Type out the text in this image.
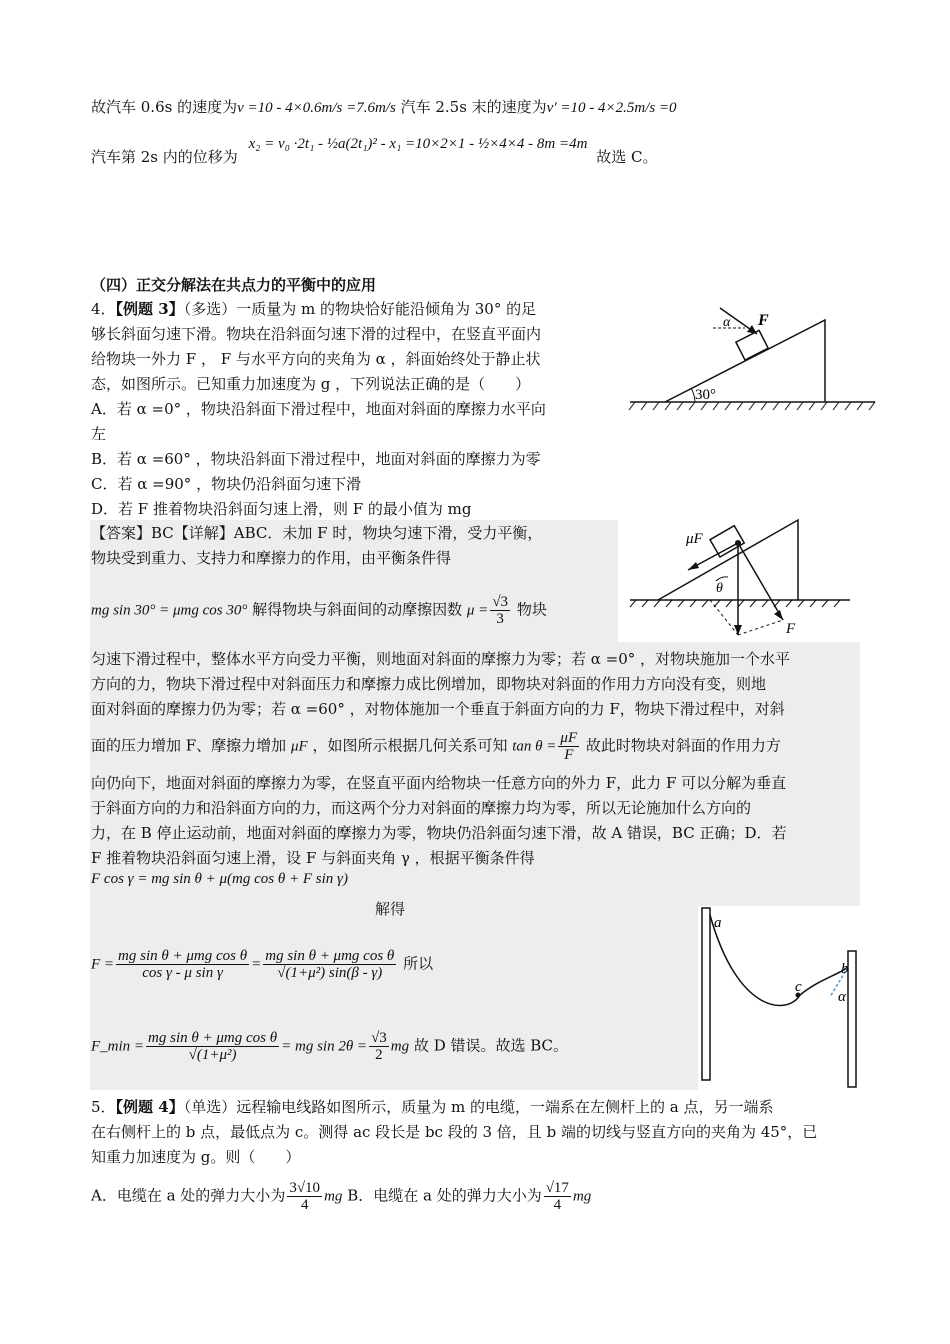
故汽车 0.6s 的速度为v =10 - 4×0.6m/s =7.6m/s 汽车 2.5s 末的速度为v′ =10 - 4×2.5m/s =0
汽车第 2s 内的位移为 x₂ = v₀ ·2t₁ - ½a(2t₁)² - x₁ =10×2×1 - ½×4×4 - 8m =4m 故选 C。
（四）正交分解法在共点力的平衡中的应用
4．【例题 3】（多选）一质量为 m 的物块恰好能沿倾角为 30° 的足
够长斜面匀速下滑。物块在沿斜面匀速下滑的过程中，在竖直平面内
给物块一外力 F ， F 与水平方向的夹角为 α ，斜面始终处于静止状
态，如图所示。已知重力加速度为 g ，下列说法正确的是（　　）
A．若 α =0° ，物块沿斜面下滑过程中，地面对斜面的摩擦力水平向
左
B．若 α =60° ，物块沿斜面下滑过程中，地面对斜面的摩擦力为零
C．若 α =90° ，物块仍沿斜面匀速下滑
D．若 F 推着物块沿斜面匀速上滑，则 F 的最小值为 mg
30°
α F
【答案】BC【详解】ABC．未加 F 时，物块匀速下滑，受力平衡，
物块受到重力、支持力和摩擦力的作用，由平衡条件得
mg sin 30° = μmg cos 30° 解得物块与斜面间的动摩擦因数 $\mu = \frac{√3}{3}$ 物块
μF
θ
F
匀速下滑过程中，整体水平方向受力平衡，则地面对斜面的摩擦力为零；若 α =0° ，对物块施加一个水平
方向的力，物块下滑过程中对斜面压力和摩擦力成比例增加，即物块对斜面的作用力方向没有变，则地
面对斜面的摩擦力仍为零；若 α =60° ，对物体施加一个垂直于斜面方向的力 F，物块下滑过程中，对斜
面的压力增加 F、摩擦力增加 μF ，如图所示根据几何关系可知 $\tan \theta = \frac{\mu F}{F}$ 故此时物块对斜面的作用力方
向仍向下，地面对斜面的摩擦力为零，在竖直平面内给物块一任意方向的外力 F，此力 F 可以分解为垂直
于斜面方向的力和沿斜面方向的力，而这两个分力对斜面的摩擦力均为零，所以无论施加什么方向的
力，在 B 停止运动前，地面对斜面的摩擦力为零，物块仍沿斜面匀速下滑，故 A 错误，BC 正确；D．若
F 推着物块沿斜面匀速上滑，设 F 与斜面夹角 γ ，根据平衡条件得
F cos γ = mg sin θ + μ(mg cos θ + F sin γ)
解得
$F = \frac{\text{mg sin θ + μmg cos θ}}{\text{cos γ - μ sin γ}} = \frac{\text{mg sin θ + μmg cos θ}}{\text{√(1+μ²) sin(β - γ)}}$ 所以
F_min = $\frac{\text{mg sin θ + μmg cos θ}}{\text{√(1+μ²)}}$ = mg $\sin 2\theta = \frac{√3}{2}$ mg 故 D 错误。故选 BC。
a
b
c
α
5．【例题 4】（单选）远程输电线路如图所示，质量为 m 的电缆，一端系在左侧杆上的 a 点，另一端系
在右侧杆上的 b 点，最低点为 c。测得 ac 段长是 bc 段的 3 倍，且 b 端的切线与竖直方向的夹角为 45°，已
知重力加速度为 g。则（　　）
A．电缆在 a 处的弹力大小为 $\frac{3√10}{4}$ mg B．电缆在 a 处的弹力大小为 $\frac{√17}{4}$ mg
